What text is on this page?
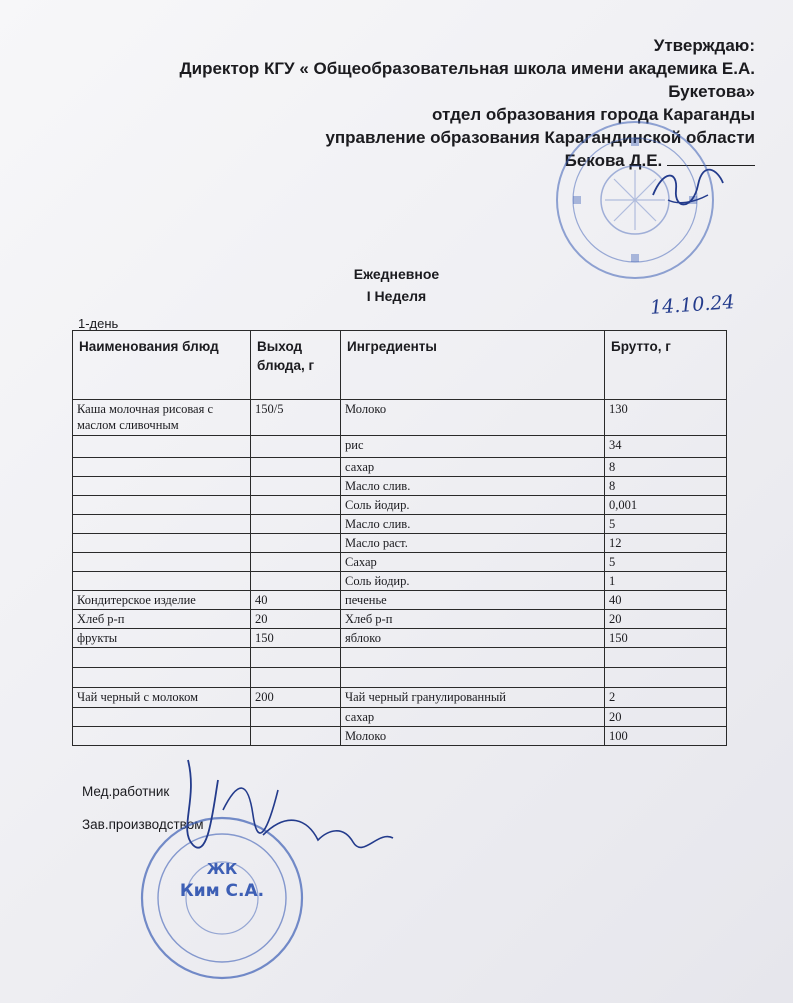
Утверждаю:
Директор КГУ « Общеобразовательная школа имени академика Е.А.
Букетова»
отдел образования города Караганды
управление образования Карагандинской области
Бекова Д.Е.
Ежедневное
I Неделя	14.10.24
1-день
Наименования блюд	Выход блюда, г	Ингредиенты	Брутто, г
Каша молочная рисовая с маслом сливочным	150/5	Молоко	130
		рис	34
		сахар	8
		Масло слив.	8
		Соль йодир.	0,001
		Масло слив.	5
		Масло раст.	12
		Сахар	5
		Соль йодир.	1
Кондитерское изделие	40	печенье	40
Хлеб р-п	20	Хлеб р-п	20
фрукты	150	яблоко	150

Чай черный с молоком	200	Чай черный гранулированный	2
		сахар	20
		Молоко	100
Мед.работник
Зав.производством
ЖК
Ким С.А.
